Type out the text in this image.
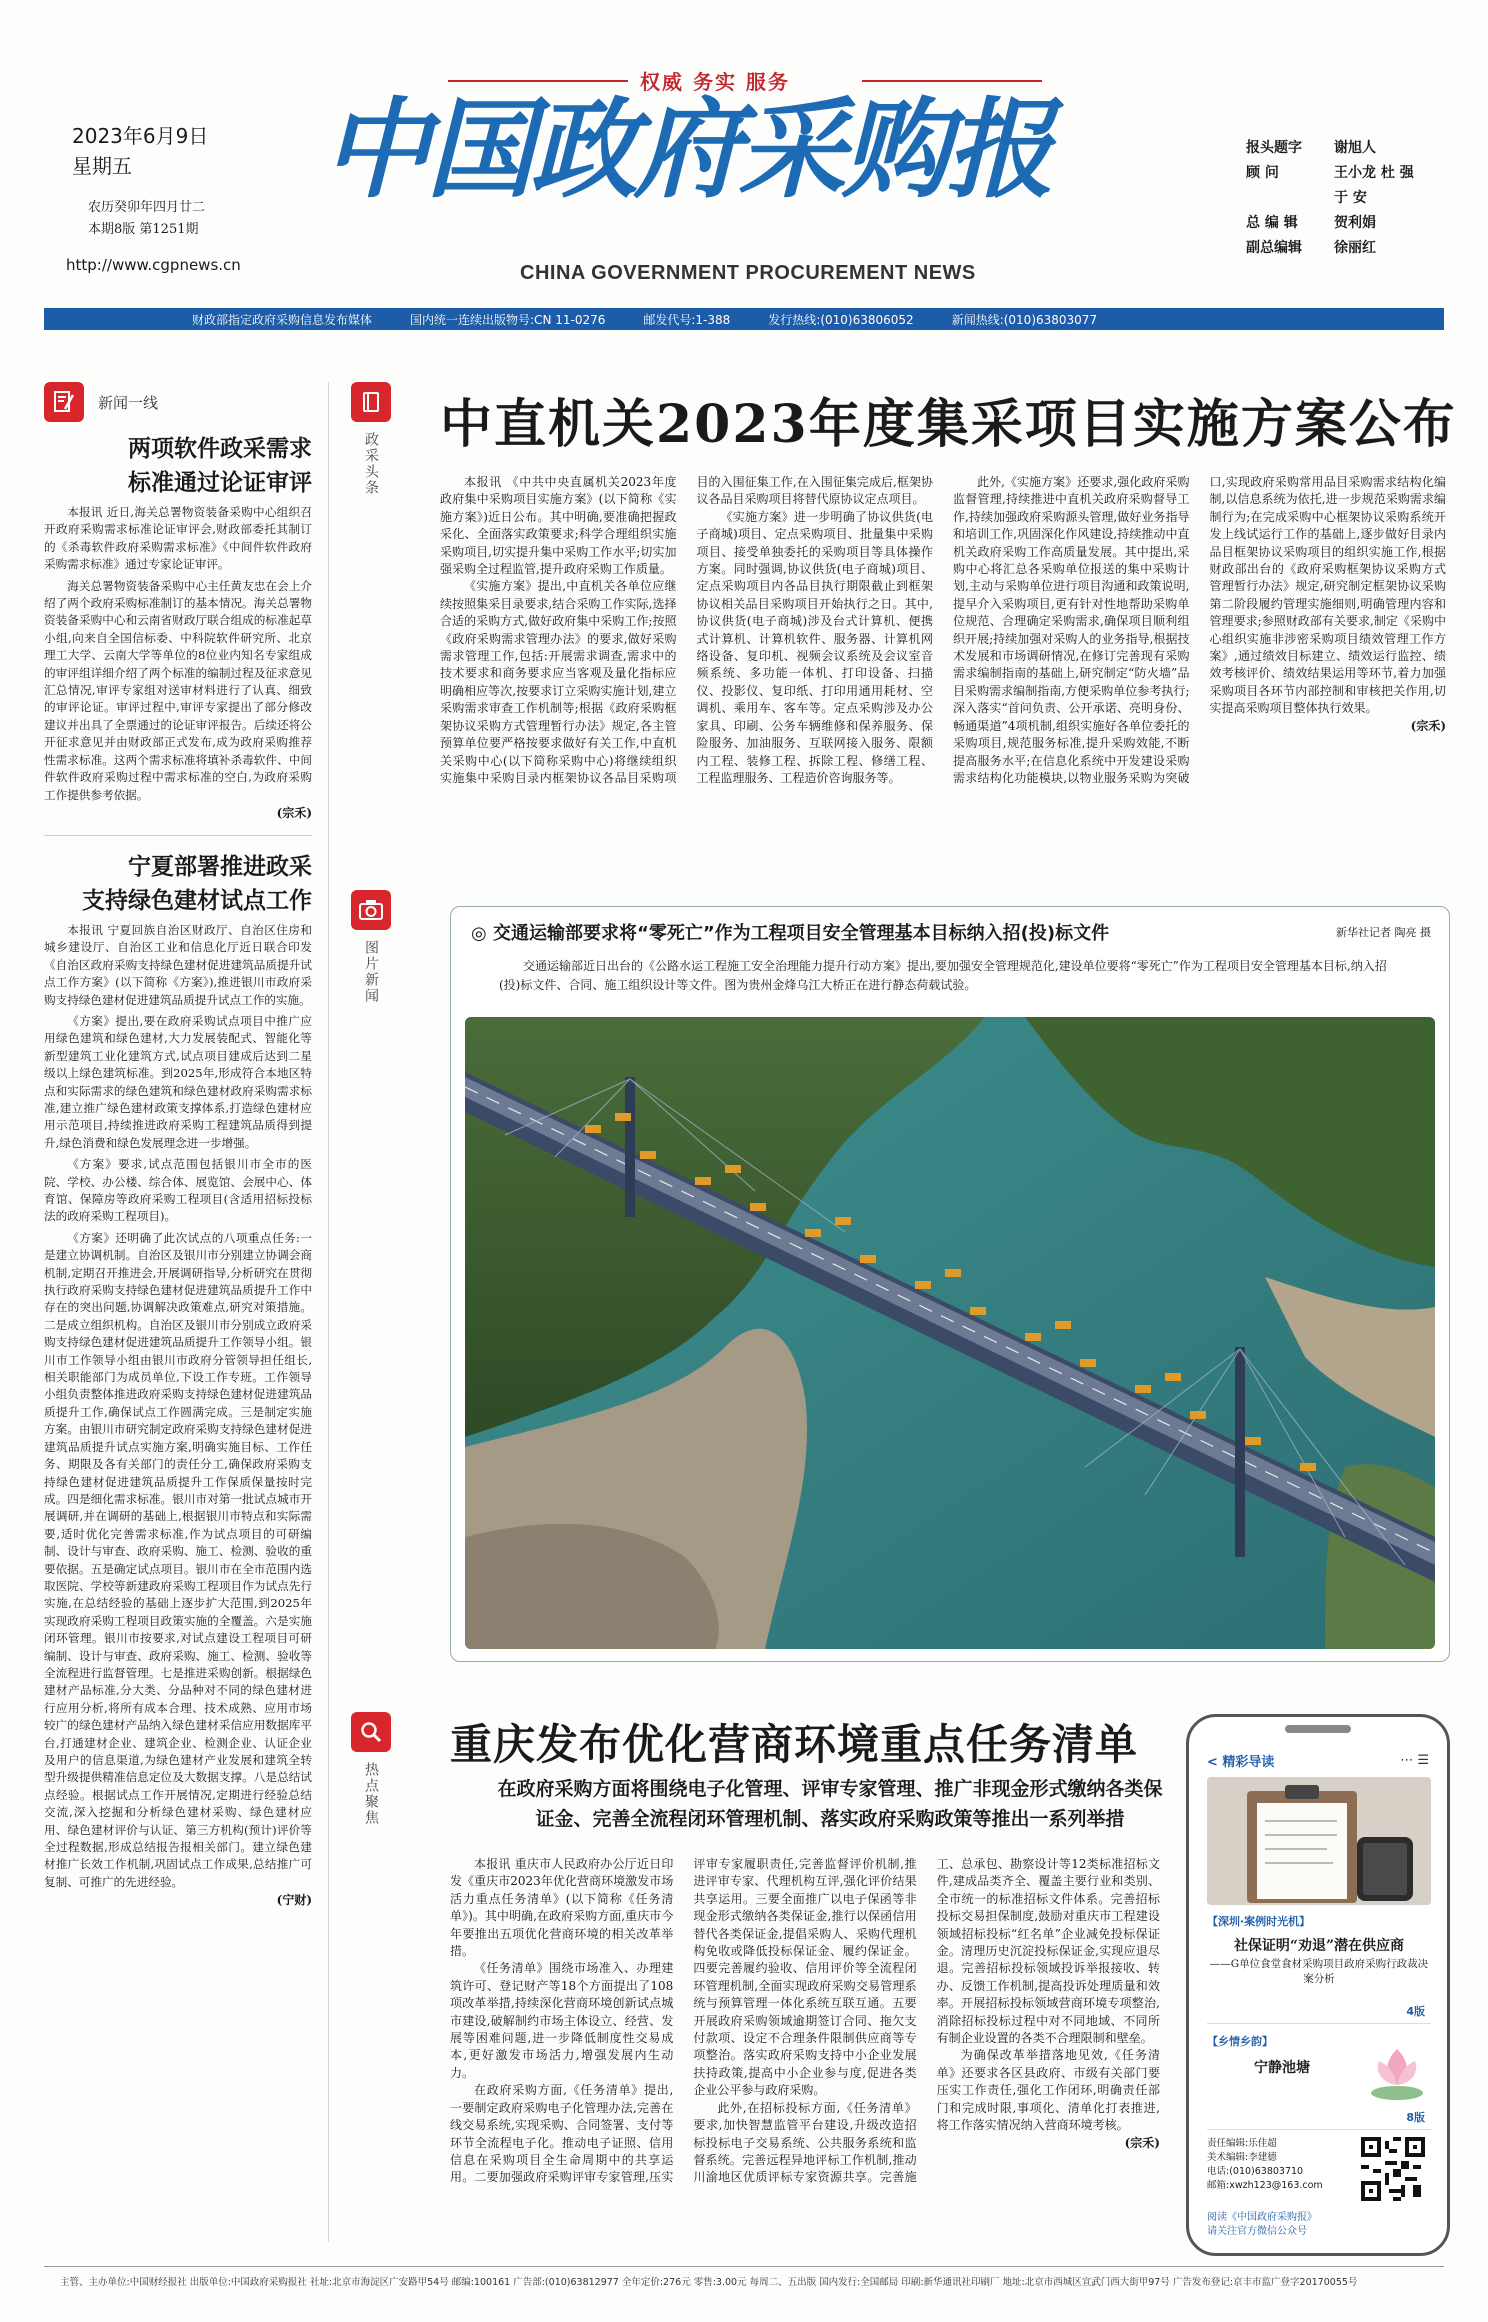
权威 务实 服务
2023年6月9日
星期五
农历癸卯年四月廿二
本期8版 第1251期
http://www.cgpnews.cn
中国政府采购报
CHINA GOVERNMENT PROCUREMENT NEWS
报头题字 谢旭人
顾 问	王小龙 杜 强
于 安
总 编 辑	贺利娟
副总编辑 徐丽红
财政部指定政府采购信息发布媒体	国内统一连续出版物号:CN 11-0276	邮发代号:1-388	发行热线:(010)63806052	新闻热线:(010)63803077
新闻一线
两项软件政采需求
标准通过论证审评

本报讯 近日,海关总署物资装备采购中心组织召开政府采购需求标准论证审评会,财政部委托其制订的《杀毒软件政府采购需求标准》《中间件软件政府采购需求标准》通过专家论证审评。

海关总署物资装备采购中心主任黄友忠在会上介绍了两个政府采购标准制订的基本情况。海关总署物资装备采购中心和云南省财政厅联合组成的标准起草小组,向来自全国信标委、中科院软件研究所、北京理工大学、云南大学等单位的8位业内知名专家组成的审评组详细介绍了两个标准的编制过程及征求意见汇总情况,审评专家组对送审材料进行了认真、细致的审评论证。审评过程中,审评专家提出了部分修改建议并出具了全票通过的论证审评报告。后续还将公开征求意见并由财政部正式发布,成为政府采购推荐性需求标准。这两个需求标准将填补杀毒软件、中间件软件政府采购过程中需求标准的空白,为政府采购工作提供参考依据。

(宗禾)
宁夏部署推进政采
支持绿色建材试点工作

本报讯 宁夏回族自治区财政厅、自治区住房和城乡建设厅、自治区工业和信息化厅近日联合印发《自治区政府采购支持绿色建材促进建筑品质提升试点工作方案》(以下简称《方案》),推进银川市政府采购支持绿色建材促进建筑品质提升试点工作的实施。

《方案》提出,要在政府采购试点项目中推广应用绿色建筑和绿色建材,大力发展装配式、智能化等新型建筑工业化建筑方式,试点项目建成后达到二星级以上绿色建筑标准。到2025年,形成符合本地区特点和实际需求的绿色建筑和绿色建材政府采购需求标准,建立推广绿色建材政策支撑体系,打造绿色建材应用示范项目,持续推进政府采购工程建筑品质得到提升,绿色消费和绿色发展理念进一步增强。

《方案》要求,试点范围包括银川市全市的医院、学校、办公楼、综合体、展览馆、会展中心、体育馆、保障房等政府采购工程项目(含适用招标投标法的政府采购工程项目)。

《方案》还明确了此次试点的八项重点任务:一是建立协调机制。自治区及银川市分别建立协调会商机制,定期召开推进会,开展调研指导,分析研究在贯彻执行政府采购支持绿色建材促进建筑品质提升工作中存在的突出问题,协调解决政策难点,研究对策措施。二是成立组织机构。自治区及银川市分别成立政府采购支持绿色建材促进建筑品质提升工作领导小组。银川市工作领导小组由银川市政府分管领导担任组长,相关职能部门为成员单位,下设工作专班。工作领导小组负责整体推进政府采购支持绿色建材促进建筑品质提升工作,确保试点工作圆满完成。三是制定实施方案。由银川市研究制定政府采购支持绿色建材促进建筑品质提升试点实施方案,明确实施目标、工作任务、期限及各有关部门的责任分工,确保政府采购支持绿色建材促进建筑品质提升工作保质保量按时完成。四是细化需求标准。银川市对第一批试点城市开展调研,并在调研的基础上,根据银川市特点和实际需要,适时优化完善需求标准,作为试点项目的可研编制、设计与审查、政府采购、施工、检测、验收的重要依据。五是确定试点项目。银川市在全市范围内选取医院、学校等新建政府采购工程项目作为试点先行实施,在总结经验的基础上逐步扩大范围,到2025年实现政府采购工程项目政策实施的全覆盖。六是实施闭环管理。银川市按要求,对试点建设工程项目可研编制、设计与审查、政府采购、施工、检测、验收等全流程进行监督管理。七是推进采购创新。根据绿色建材产品标准,分大类、分品种对不同的绿色建材进行应用分析,将所有成本合理、技术成熟、应用市场较广的绿色建材产品纳入绿色建材采信应用数据库平台,打通建材企业、建筑企业、检测企业、认证企业及用户的信息渠道,为绿色建材产业发展和建筑全转型升级提供精准信息定位及大数据支撑。八是总结试点经验。根据试点工作开展情况,定期进行经验总结交流,深入挖掘和分析绿色建材采购、绿色建材应用、绿色建材评价与认证、第三方机构(预计)评价等全过程数据,形成总结报告报相关部门。建立绿色建材推广长效工作机制,巩固试点工作成果,总结推广可复制、可推广的先进经验。

(宁财)
政采头条
图片新闻
热点聚焦
中直机关2023年度集采项目实施方案公布

本报讯 《中共中央直属机关2023年度政府集中采购项目实施方案》(以下简称《实施方案》)近日公布。其中明确,要准确把握政采化、全面落实政策要求;科学合理组织实施采购项目,切实提升集中采购工作水平;切实加强采购全过程监管,提升政府采购工作质量。

《实施方案》提出,中直机关各单位应继续按照集采目录要求,结合采购工作实际,选择合适的采购方式,做好政府集中采购工作;按照《政府采购需求管理办法》的要求,做好采购需求管理工作,包括:开展需求调查,需求中的技术要求和商务要求应当客观及量化指标应明确相应等次,按要求订立采购实施计划,建立采购需求审查工作机制等;根据《政府采购框架协议采购方式管理暂行办法》规定,各主管预算单位要严格按要求做好有关工作,中直机关采购中心(以下简称采购中心)将继续组织实施集中采购目录内框架协议各品目采购项目的入围征集工作,在入围征集完成后,框架协议各品目采购项目将替代原协议定点项目。

《实施方案》进一步明确了协议供货(电子商城)项目、定点采购项目、批量集中采购项目、接受单独委托的采购项目等具体操作方案。同时强调,协议供货(电子商城)项目、定点采购项目内各品目执行期限截止到框架协议相关品目采购项目开始执行之日。其中,协议供货(电子商城)涉及台式计算机、便携式计算机、计算机软件、服务器、计算机网络设备、复印机、视频会议系统及会议室音频系统、多功能一体机、打印设备、扫描仪、投影仪、复印纸、打印用通用耗材、空调机、乘用车、客车等。定点采购涉及办公家具、印刷、公务车辆维修和保养服务、保险服务、加油服务、互联网接入服务、限额内工程、装修工程、拆除工程、修缮工程、工程监理服务、工程造价咨询服务等。

此外,《实施方案》还要求,强化政府采购监督管理,持续推进中直机关政府采购督导工作,持续加强政府采购源头管理,做好业务指导和培训工作,巩固深化作风建设,持续推动中直机关政府采购工作高质量发展。其中提出,采购中心将汇总各采购单位报送的集中采购计划,主动与采购单位进行项目沟通和政策说明,提早介入采购项目,更有针对性地帮助采购单位规范、合理确定采购需求,确保项目顺利组织开展;持续加强对采购人的业务指导,根据技术发展和市场调研情况,在修订完善现有采购需求编制指南的基础上,研究制定“防火墙”品目采购需求编制指南,方便采购单位参考执行;深入落实“首问负责、公开承诺、亮明身份、畅通渠道”4项机制,组织实施好各单位委托的采购项目,规范服务标准,提升采购效能,不断提高服务水平;在信息化系统中开发建设采购需求结构化功能模块,以物业服务采购为突破口,实现政府采购常用品目采购需求结构化编制,以信息系统为依托,进一步规范采购需求编制行为;在完成采购中心框架协议采购系统开发上线试运行工作的基础上,逐步做好目录内品目框架协议采购项目的组织实施工作,根据财政部出台的《政府采购框架协议采购方式管理暂行办法》规定,研究制定框架协议采购第二阶段履约管理实施细则,明确管理内容和管理要求;参照财政部有关要求,制定《采购中心组织实施非涉密采购项目绩效管理工作方案》,通过绩效目标建立、绩效运行监控、绩效考核评价、绩效结果运用等环节,着力加强采购项目各环节内部控制和审核把关作用,切实提高采购项目整体执行效果。

(宗禾)
◎ 交通运输部要求将“零死亡”作为工程项目安全管理基本目标纳入招(投)标文件	新华社记者 陶亮 摄
交通运输部近日出台的《公路水运工程施工安全治理能力提升行动方案》提出,要加强安全管理规范化,建设单位要将“零死亡”作为工程项目安全管理基本目标,纳入招(投)标文件、合同、施工组织设计等文件。图为贵州金烽乌江大桥正在进行静态荷载试验。
重庆发布优化营商环境重点任务清单
在政府采购方面将围绕电子化管理、评审专家管理、推广非现金形式缴纳各类保证金、完善全流程闭环管理机制、落实政府采购政策等推出一系列举措

本报讯 重庆市人民政府办公厅近日印发《重庆市2023年优化营商环境激发市场活力重点任务清单》(以下简称《任务清单》)。其中明确,在政府采购方面,重庆市今年要推出五项优化营商环境的相关改革举措。

《任务清单》围绕市场准入、办理建筑许可、登记财产等18个方面提出了108项改革举措,持续深化营商环境创新试点城市建设,破解制约市场主体设立、经营、发展等困难问题,进一步降低制度性交易成本,更好激发市场活力,增强发展内生动力。

在政府采购方面,《任务清单》提出,一要制定政府采购电子化管理办法,完善在线交易系统,实现采购、合同签署、支付等环节全流程电子化。推动电子证照、信用信息在采购项目全生命周期中的共享运用。二要加强政府采购评审专家管理,压实评审专家履职责任,完善监督评价机制,推进评审专家、代理机构互评,强化评价结果共享运用。三要全面推广以电子保函等非现金形式缴纳各类保证金,推行以保函信用替代各类保证金,提倡采购人、采购代理机构免收或降低投标保证金、履约保证金。四要完善履约验收、信用评价等全流程闭环管理机制,全面实现政府采购交易管理系统与预算管理一体化系统互联互通。五要开展政府采购领域逾期签订合同、拖欠支付款项、设定不合理条件限制供应商等专项整治。落实政府采购支持中小企业发展扶持政策,提高中小企业参与度,促进各类企业公平参与政府采购。

此外,在招标投标方面,《任务清单》要求,加快智慧监管平台建设,升级改造招标投标电子交易系统、公共服务系统和监督系统。完善远程异地评标工作机制,推动川渝地区优质评标专家资源共享。完善施工、总承包、勘察设计等12类标准招标文件,建成品类齐全、覆盖主要行业和类别、全市统一的标准招标文件体系。完善招标投标交易担保制度,鼓励对重庆市工程建设领域招标投标“红名单”企业减免投标保证金。清理历史沉淀投标保证金,实现应退尽退。完善招标投标领域投诉举报接收、转办、反馈工作机制,提高投诉处理质量和效率。开展招标投标领域营商环境专项整治,消除招标投标过程中对不同地域、不同所有制企业设置的各类不合理限制和壁垒。

为确保改革举措落地见效,《任务清单》还要求各区县政府、市级有关部门要压实工作责任,强化工作闭环,明确责任部门和完成时限,事项化、清单化打表推进,将工作落实情况纳入营商环境考核。

(宗禾)
< 精彩导读	⋯ ☰
【深圳·案例时光机】
社保证明“劝退”潜在供应商
——G单位食堂食材采购项目政府采购行政裁决案分析
4版
【乡情乡韵】
宁静池塘
8版
责任编辑:乐佳超
美术编辑:李建德
电话:(010)63803710
邮箱:xwzh123@163.com
阅读《中国政府采购报》
请关注官方微信公众号
主管、主办单位:中国财经报社 出版单位:中国政府采购报社 社址:北京市海淀区广安路甲54号 邮编:100161 广告部:(010)63812977 全年定价:276元 零售:3.00元 每周二、五出版 国内发行:全国邮局 印刷:新华通讯社印刷厂 地址:北京市西城区宣武门西大街甲97号 广告发布登记:京丰市监广登字20170055号
